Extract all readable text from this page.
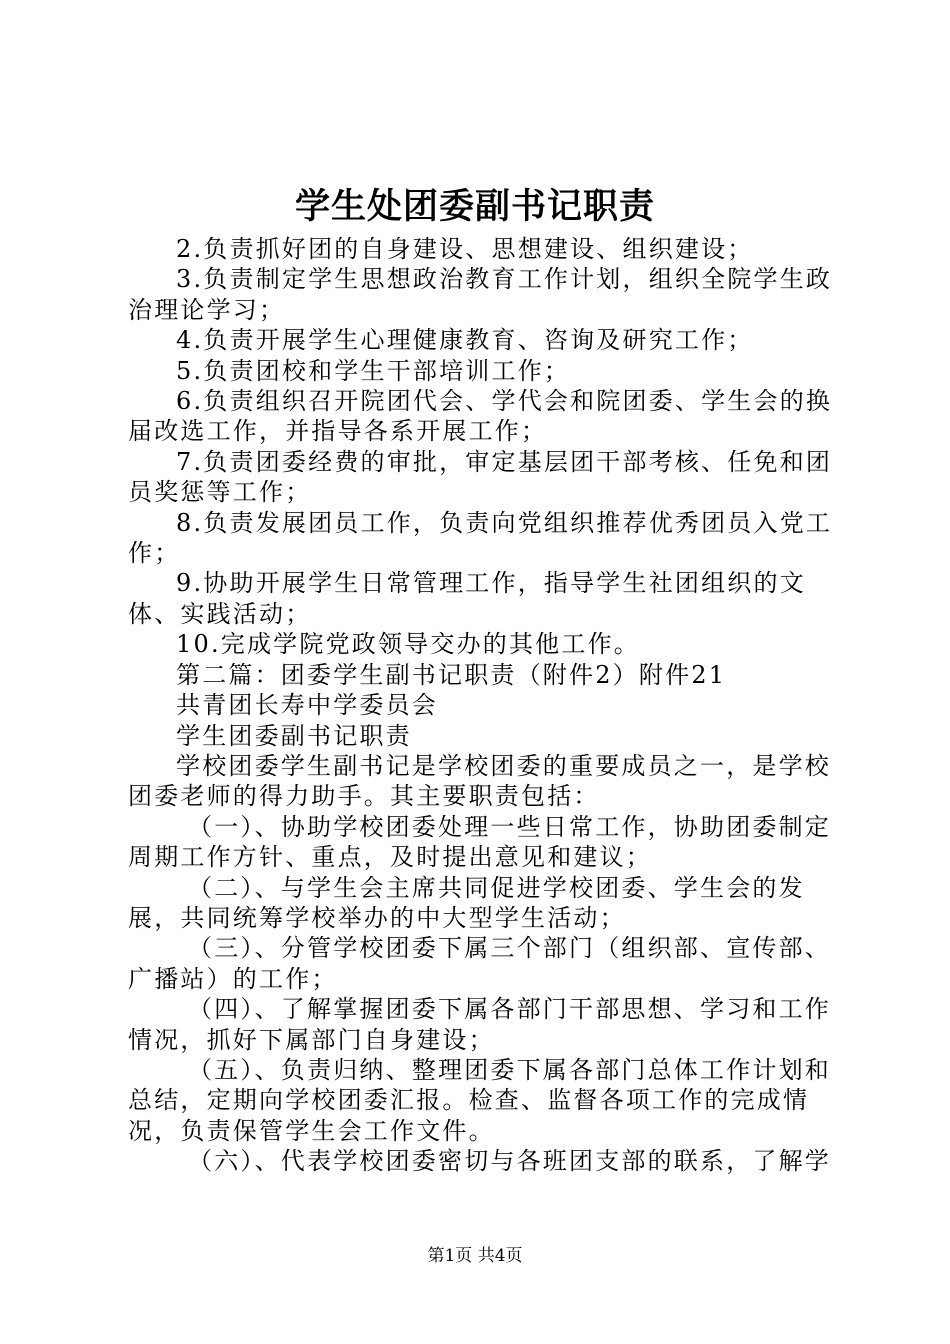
学生处团委副书记职责

2.负责抓好团的自身建设、思想建设、组织建设；

3.负责制定学生思想政治教育工作计划，组织全院学生政治理论学习；

4.负责开展学生心理健康教育、咨询及研究工作；

5.负责团校和学生干部培训工作；

6.负责组织召开院团代会、学代会和院团委、学生会的换届改选工作，并指导各系开展工作；

7.负责团委经费的审批，审定基层团干部考核、任免和团员奖惩等工作；

8.负责发展团员工作，负责向党组织推荐优秀团员入党工作；

9.协助开展学生日常管理工作，指导学生社团组织的文体、实践活动；

10.完成学院党政领导交办的其他工作。

第二篇：团委学生副书记职责（附件2）附件21

共青团长寿中学委员会

学生团委副书记职责

学校团委学生副书记是学校团委的重要成员之一，是学校团委老师的得力助手。其主要职责包括：

（一）、协助学校团委处理一些日常工作，协助团委制定周期工作方针、重点，及时提出意见和建议；

（二）、与学生会主席共同促进学校团委、学生会的发展，共同统筹学校举办的中大型学生活动；

（三）、分管学校团委下属三个部门（组织部、宣传部、广播站）的工作；

（四）、了解掌握团委下属各部门干部思想、学习和工作情况，抓好下属部门自身建设；

（五）、负责归纳、整理团委下属各部门总体工作计划和总结，定期向学校团委汇报。检查、监督各项工作的完成情况，负责保管学生会工作文件。

（六）、代表学校团委密切与各班团支部的联系，了解学

第1页 共4页
